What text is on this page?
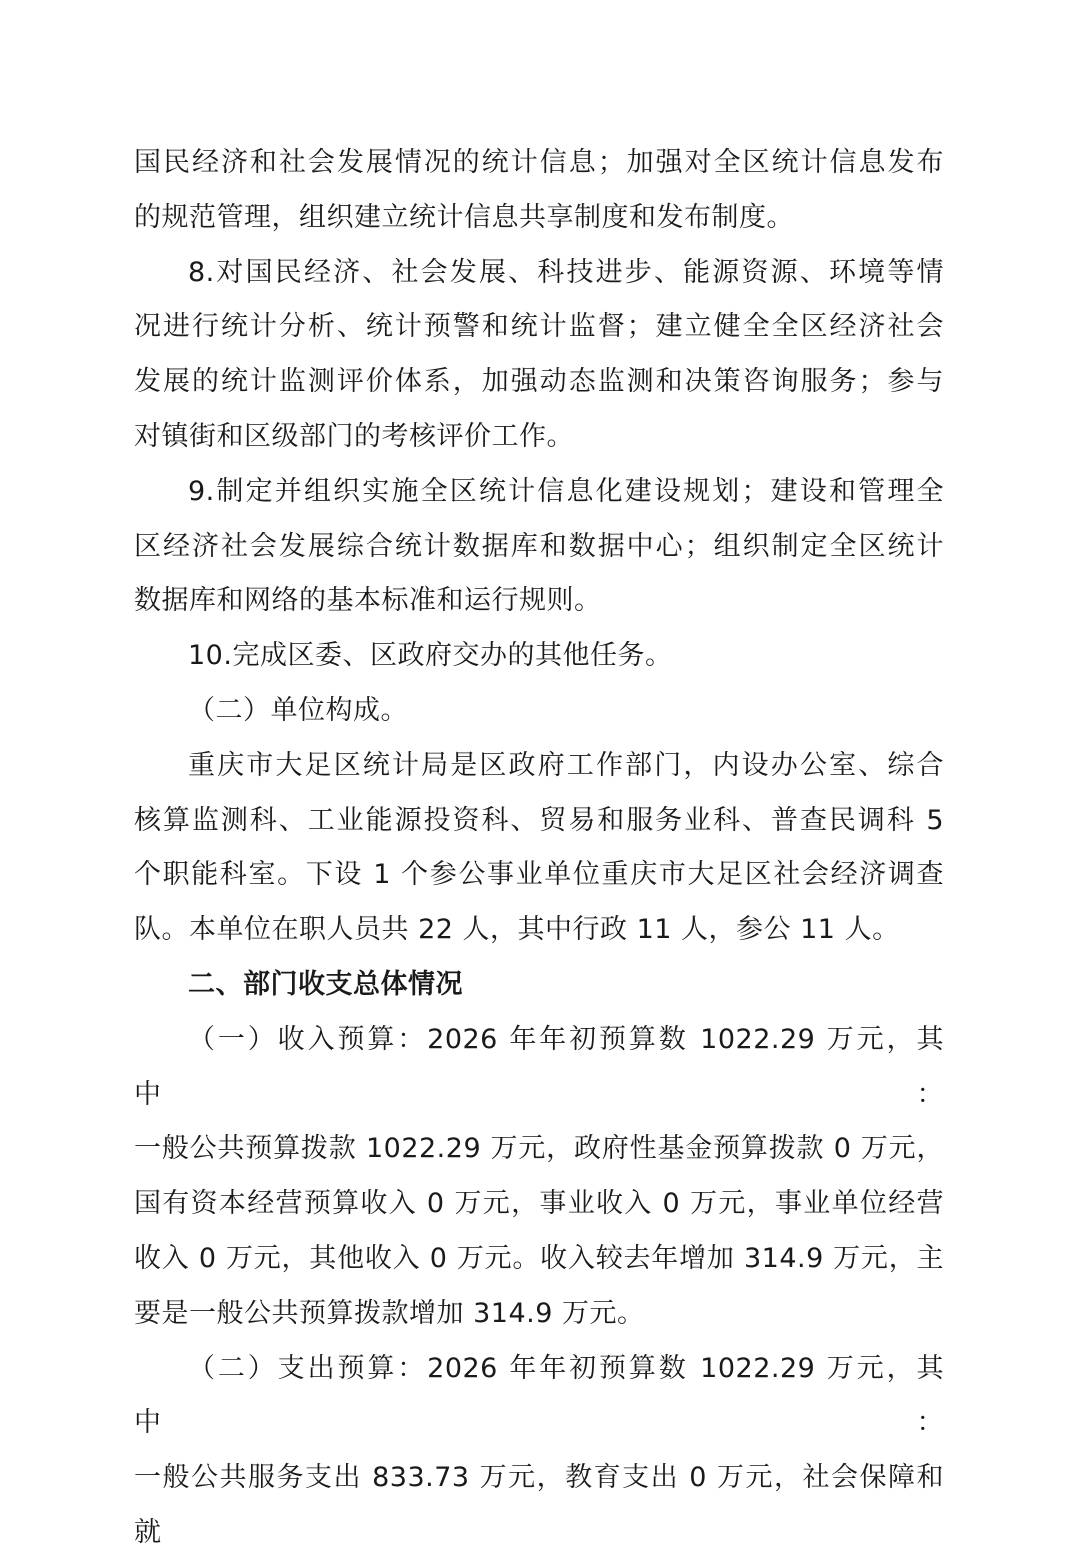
国民经济和社会发展情况的统计信息；加强对全区统计信息发布
的规范管理，组织建立统计信息共享制度和发布制度。

8.对国民经济、社会发展、科技进步、能源资源、环境等情
况进行统计分析、统计预警和统计监督；建立健全全区经济社会
发展的统计监测评价体系，加强动态监测和决策咨询服务；参与
对镇街和区级部门的考核评价工作。

9.制定并组织实施全区统计信息化建设规划；建设和管理全
区经济社会发展综合统计数据库和数据中心；组织制定全区统计
数据库和网络的基本标准和运行规则。

10.完成区委、区政府交办的其他任务。

（二）单位构成。

重庆市大足区统计局是区政府工作部门，内设办公室、综合
核算监测科、工业能源投资科、贸易和服务业科、普查民调科 5
个职能科室。下设 1 个参公事业单位重庆市大足区社会经济调查
队。本单位在职人员共 22 人，其中行政 11 人，参公 11 人。

二、部门收支总体情况

（一）收入预算：2026 年年初预算数 1022.29 万元，其中：
一般公共预算拨款 1022.29 万元，政府性基金预算拨款 0 万元，
国有资本经营预算收入 0 万元，事业收入 0 万元，事业单位经营
收入 0 万元，其他收入 0 万元。收入较去年增加 314.9 万元，主
要是一般公共预算拨款增加 314.9 万元。

（二）支出预算：2026 年年初预算数 1022.29 万元，其中：
一般公共服务支出 833.73 万元，教育支出 0 万元，社会保障和就
